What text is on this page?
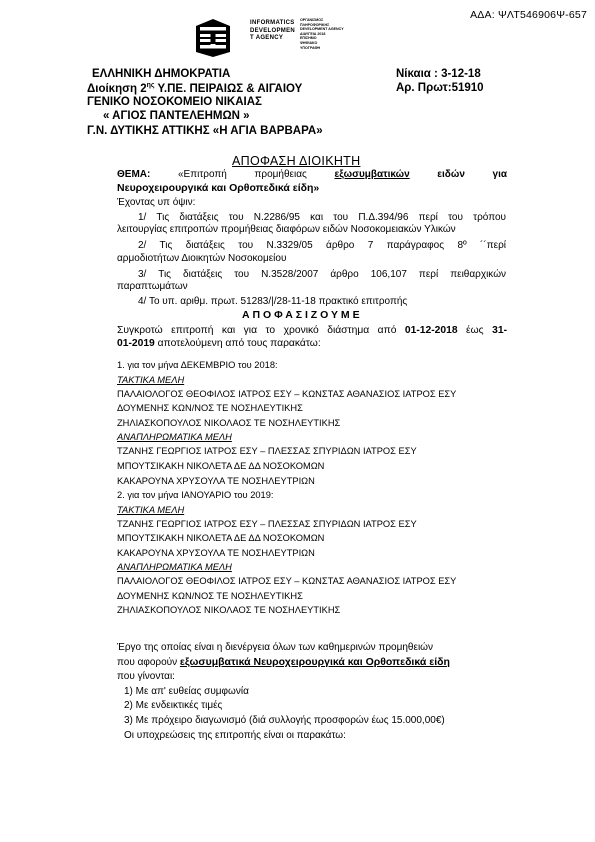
ΑΔΑ: ΨΛΤ546906Ψ-657
INFORMATICS
DEVELOPMEN
T AGENCY
ΟΡΓΑΝΙΣΜΟΣ
ΠΛΗΡΟΦΟΡΙΚΗΣ
DEVELOPMENT AGENCY
ΔΙΑΥΓΕΙΑ 2018
ΕΠΙΣΗΜΟ
ΨΗΦΙΑΚΟ
ΥΠΟΓΡΑΦΗ
ΕΛΛΗΝΙΚΗ ΔΗΜΟΚΡΑΤΙΑ
Διοίκηση $2^{\eta\varsigma}$ Υ.ΠΕ. ΠΕΙΡΑΙΩΣ & ΑΙΓΑΙΟΥ
ΓΕΝΙΚΟ ΝΟΣΟΚΟΜΕΙΟ ΝΙΚΑΙΑΣ
« ΑΓΙΟΣ ΠΑΝΤΕΛΕΗΜΩΝ »
Γ.Ν. ΔΥΤΙΚΗΣ ΑΤΤΙΚΗΣ «Η ΑΓΙΑ ΒΑΡΒΑΡΑ»
Νίκαια : 3-12-18
Αρ. Πρωτ:51910
ΑΠΟΦΑΣΗ ΔΙΟΙΚΗΤΗ
ΘΕΜΑ:	«Επιτροπή	προμήθειας	εξωσυμβατικών	ειδών	για
Νευροχειρουργικά και Ορθοπεδικά είδη»
Έχοντας υπ όψιν:
1/ Τις διατάξεις του Ν.2286/95 και του Π.Δ.394/96 περί του τρόπου
λειτουργίας επιτροπών προμήθειας διαφόρων ειδών Νοσοκομειακών Υλικών
2/ Τις διατάξεις του Ν.3329/05 άρθρο 7 παράγραφος 8º ´´περί
αρμοδιοτήτων Διοικητών Νοσοκομείου
3/ Τις διατάξεις του Ν.3528/2007 άρθρο 106,107 περί πειθαρχικών
παραπτωμάτων
4/ Το υπ. αριθμ. πρωτ. 51283/|/28-11-18 πρακτικό επιτροπής
Α Π Ο Φ Α Σ Ι Ζ Ο Υ Μ Ε
Συγκροτώ επιτροπή και για το χρονικό διάστημα από 01-12-2018 έως 31-
01-2019 αποτελούμενη από τους παρακάτω:
1. για τον μήνα ΔΕΚΕΜΒΡΙΟ του 2018:
ΤΑΚΤΙΚΑ ΜΕΛΗ
ΠΑΛΑΙΟΛΟΓΟΣ ΘΕΟΦΙΛΟΣ ΙΑΤΡΟΣ ΕΣΥ – ΚΩΝΣΤΑΣ ΑΘΑΝΑΣΙΟΣ ΙΑΤΡΟΣ ΕΣΥ
ΔΟΥΜΕΝΗΣ ΚΩΝ/ΝΟΣ ΤΕ ΝΟΣΗΛΕΥΤΙΚΗΣ
ΖΗΛΙΑΣΚΟΠΟΥΛΟΣ ΝΙΚΟΛΑΟΣ ΤΕ ΝΟΣΗΛΕΥΤΙΚΗΣ
ΑΝΑΠΛΗΡΩΜΑΤΙΚΑ ΜΕΛΗ
ΤΖΑΝΗΣ ΓΕΩΡΓΙΟΣ ΙΑΤΡΟΣ ΕΣΥ – ΠΛΕΣΣΑΣ ΣΠΥΡΙΔΩΝ ΙΑΤΡΟΣ ΕΣΥ
ΜΠΟΥΤΣΙΚΑΚΗ ΝΙΚΟΛΕΤΑ ΔΕ ΔΔ ΝΟΣΟΚΟΜΩΝ
ΚΑΚΑΡΟΥΝΑ ΧΡΥΣΟΥΛΑ ΤΕ ΝΟΣΗΛΕΥΤΡΙΩΝ
2. για τον μήνα ΙΑΝΟΥΑΡΙΟ του 2019:
ΤΑΚΤΙΚΑ ΜΕΛΗ
ΤΖΑΝΗΣ ΓΕΩΡΓΙΟΣ ΙΑΤΡΟΣ ΕΣΥ – ΠΛΕΣΣΑΣ ΣΠΥΡΙΔΩΝ ΙΑΤΡΟΣ ΕΣΥ
ΜΠΟΥΤΣΙΚΑΚΗ ΝΙΚΟΛΕΤΑ ΔΕ ΔΔ ΝΟΣΟΚΟΜΩΝ
ΚΑΚΑΡΟΥΝΑ ΧΡΥΣΟΥΛΑ ΤΕ ΝΟΣΗΛΕΥΤΡΙΩΝ
ΑΝΑΠΛΗΡΩΜΑΤΙΚΑ ΜΕΛΗ
ΠΑΛΑΙΟΛΟΓΟΣ ΘΕΟΦΙΛΟΣ ΙΑΤΡΟΣ ΕΣΥ – ΚΩΝΣΤΑΣ ΑΘΑΝΑΣΙΟΣ ΙΑΤΡΟΣ ΕΣΥ
ΔΟΥΜΕΝΗΣ ΚΩΝ/ΝΟΣ ΤΕ ΝΟΣΗΛΕΥΤΙΚΗΣ
ΖΗΛΙΑΣΚΟΠΟΥΛΟΣ ΝΙΚΟΛΑΟΣ ΤΕ ΝΟΣΗΛΕΥΤΙΚΗΣ
Έργο της οποίας είναι η διενέργεια όλων των καθημερινών προμηθειών
που αφορούν εξωσυμβατικά Νευροχειρουργικά και Ορθοπεδικά είδη
που γίνονται:
1) Με απ' ευθείας συμφωνία
2) Με ενδεικτικές τιμές
3) Με πρόχειρο διαγωνισμό (διά συλλογής προσφορών έως 15.000,00€)
Οι υποχρεώσεις της επιτροπής είναι οι παρακάτω:
